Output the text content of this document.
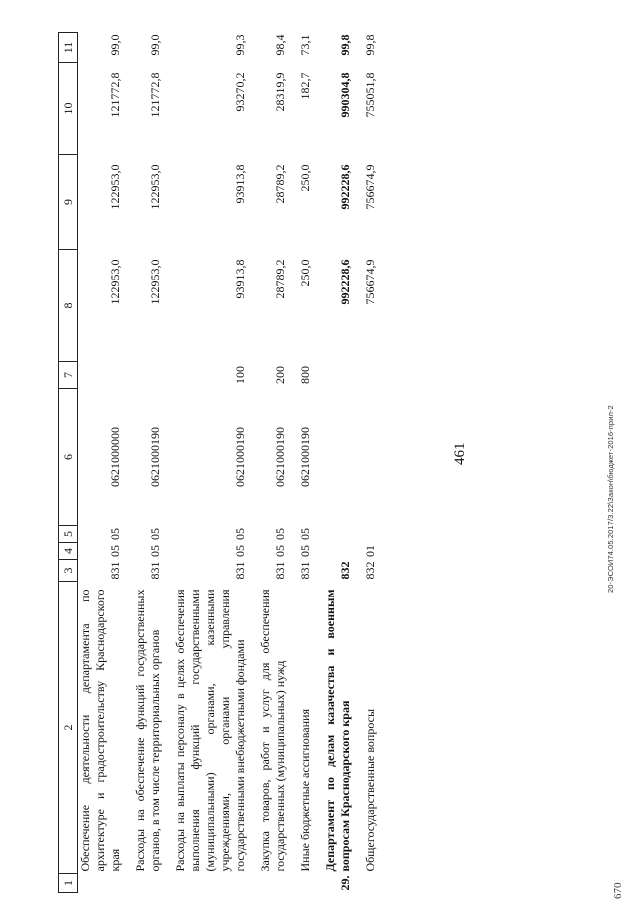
461
1	2	3	4	5	6	7	8	9	10	11
	Обеспечение деятельности департамента по архитектуре и градостроительству Краснодарского края	831	05	05	0621000000		122953,0	122953,0	121772,8	99,0
	Расходы на обеспечение функций государственных органов, в том числе территориальных органов	831	05	05	0621000190		122953,0	122953,0	121772,8	99,0
	Расходы на выплаты персоналу в целях обеспечения выполнения функций государственными (муниципальными) органами, казенными учреждениями, органами управления государственными внебюджетными фондами	831	05	05	0621000190	100	93913,8	93913,8	93270,2	99,3
	Закупка товаров, работ и услуг для обеспечения государственных (муниципальных) нужд	831	05	05	0621000190	200	28789,2	28789,2	28319,9	98,4
	Иные бюджетные ассигнования	831	05	05	0621000190	800	250,0	250,0	182,7	73,1
29.	Департамент по делам казачества и военным вопросам Краснодарского края	832					992228,6	992228,6	990304,8	99,8
	Общегосударственные вопросы	832	01				756674,9	756674,9	755051,8	99,8
20-ЭСОИ74.05.2017/3.22\Закон\бюджет-2016-прил-2
670
